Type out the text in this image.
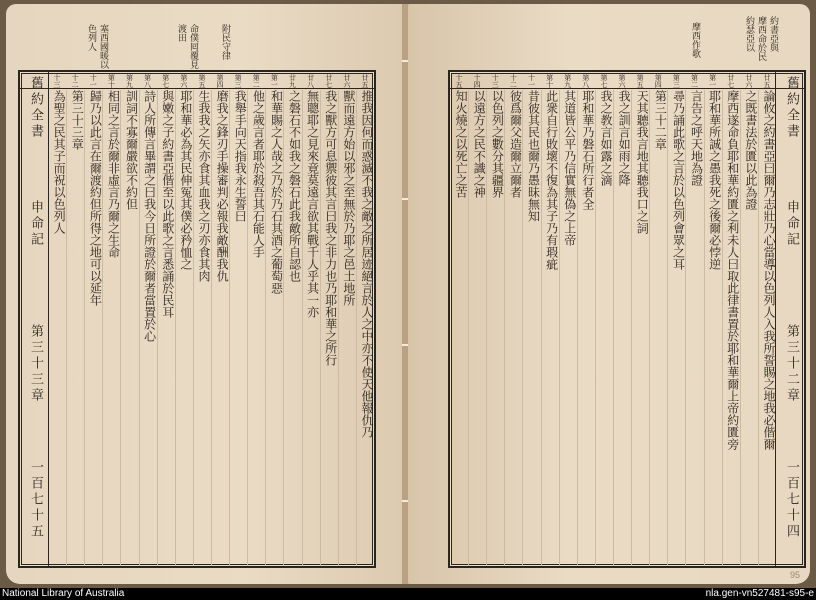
附民守律
命僕囘覆見
渡田
塞西國暖以
色列人
廿五
廿六
廿七
廿八
廿九
第一
第二
第三
第四
第五
第六
第七
第八
第九
第十
十一
十二
十三
推我因何而惑滅不我之敵之所居迹絕言於人之中亦不使天他報仇乃
獸而遠方始以邪之至無於乃耶之邑土地所
我之獸方可息禦彼其言曰我之非力也乃耶和華之所行
無聰耶之見來竟莫遠言欲其戰千人乎其一亦
之磐石不如我之磐石此我敵所自認也
和華賜之人哉之乃於乃石其酒之葡萄惡
他之歲言者耶於殺吾其石能人手
我舉手向天指我永生誓曰
磨我之鋒刃手操審判必報我敵酬我仇
生我我之矢亦食其血我之刃亦食其肉
耶和華必為其民伸冤其僕必矜恤之
與嫩之子約書亞偕至以此歌之言悉誦於民耳
詩人所傳言畢謂之曰我今日所證於爾者當置於心
訓詞不寡爾嚴欲不約但
相同之言於爾非虛言乃爾之生命
歸乃以此言在爾渡約但所得之地可以延年
第三十三章
為聖之民其子而祝以色列人
舊約全書
申命記
第三十三章
一百七十五
約書亞與
摩西命於民
約瑟亞以
摩西作歌
廿五
廿六
廿七
第一
第二
第三
第四
第五
第六
第七
第八
第九
第十
十一
十二
十三
十四
十五
論攸之約書亞曰爾乃志壯乃心當導以色列人入我所誓賜之地我必偕爾
之既書法於匱以此為證
摩西遂命負耶和華約匱之利未人曰取此律書置於耶和華爾上帝約匱旁
耶和華所誠之愚我死之後爾必悖逆
言告之呼天地為證
尋乃誦此歌之言於以色列會眾之耳
第三十二章
天其聽我言地其聽我口之詞
我之訓言如雨之降
我之教言如露之滴
耶和華乃磐石所行者全
其道皆公平乃信實無偽之上帝
此衆自行敗壞不復為其子乃有瑕疵
昔彼其民也爾乃愚昧無知
彼爲爾父造爾立爾者
以色列之數分其疆界
以遠方之民不識之神
知火燒之以死亡之苦	舊約全書
申命記
第三十二章
一百七十四
95
National Library of Australia	nla.gen-vn527481-s95-e
